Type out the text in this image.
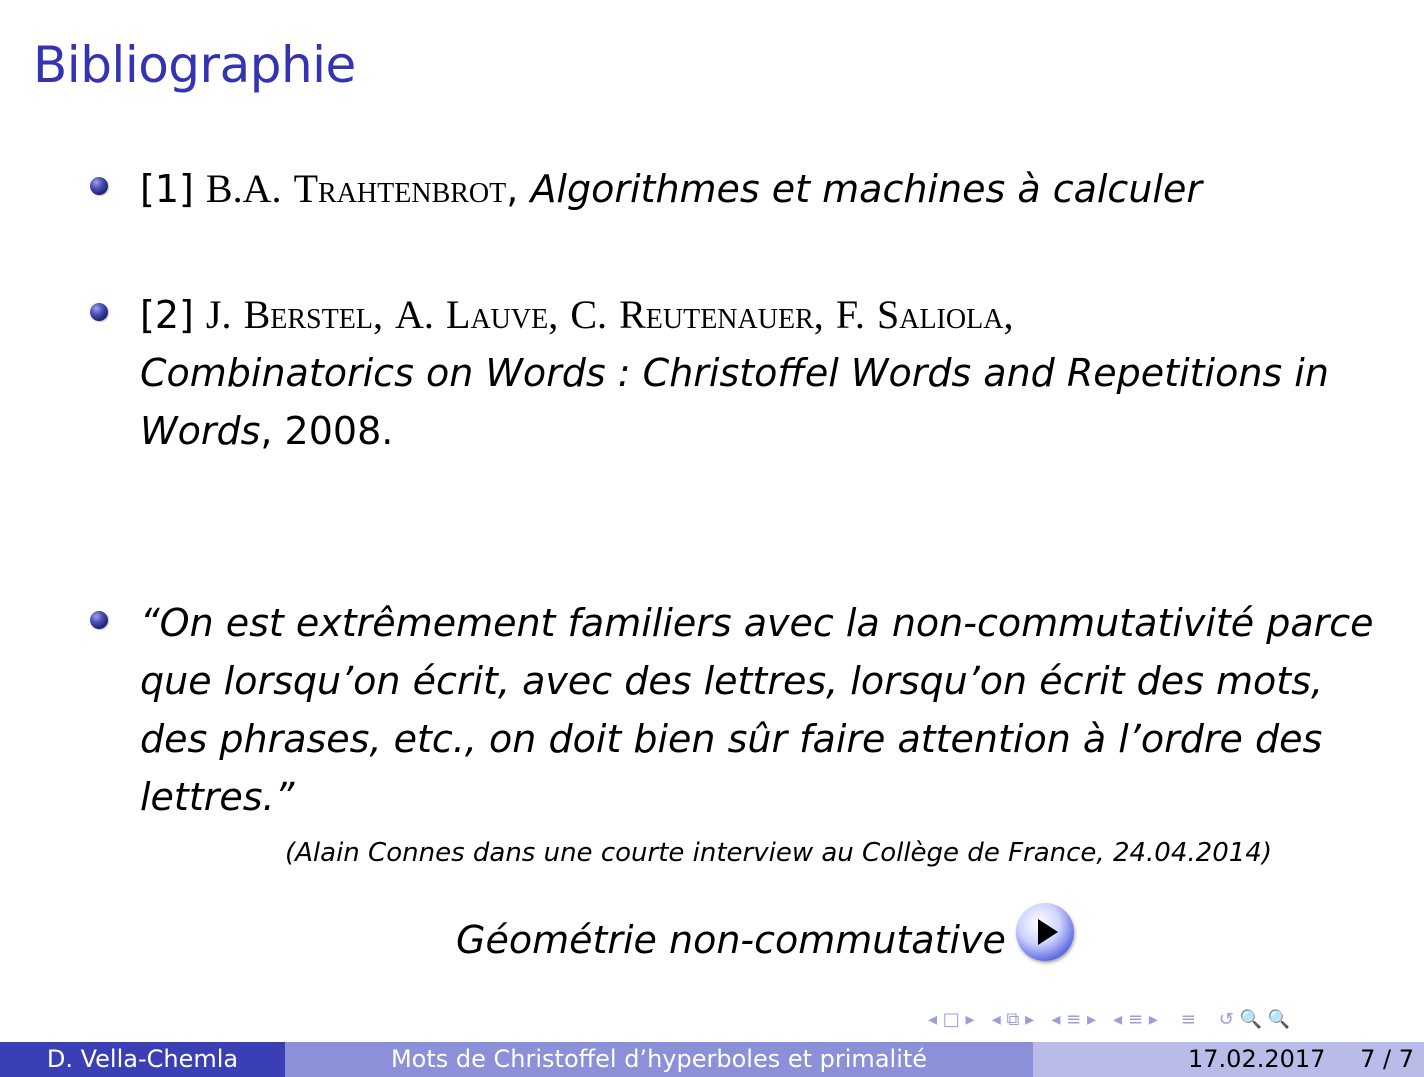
Bibliographie
[1] B.A. Trahtenbrot, Algorithmes et machines à calculer
[2] J. Berstel, A. Lauve, C. Reutenauer, F. Saliola,
Combinatorics on Words : Christoffel Words and Repetitions in
Words, 2008.
“On est extrêmement familiers avec la non-commutativité parce
que lorsqu’on écrit, avec des lettres, lorsqu’on écrit des mots,
des phrases, etc., on doit bien sûr faire attention à l’ordre des
lettres.”
(Alain Connes dans une courte interview au Collège de France, 24.04.2014)
Géométrie non-commutative
◂ □ ▸ ◂ ⧉ ▸ ◂ ≡ ▸ ◂ ≡ ▸ ≡ ↺ 🔍 🔍
D. Vella-Chemla	Mots de Christoffel d’hyperboles et primalité	17.02.2017 7 / 7
